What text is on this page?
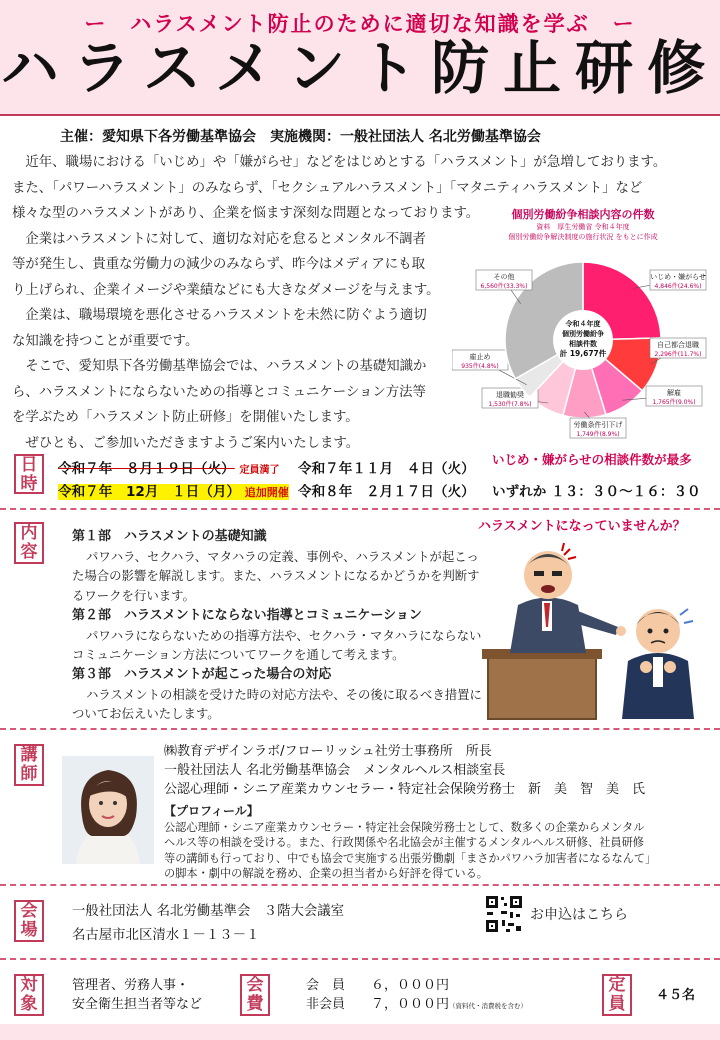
ー　ハラスメント防止のために適切な知識を学ぶ　ー
ハラスメント防止研修
主催：愛知県下各労働基準協会　実施機関：一般社団法人 名北労働基準協会

　近年、職場における「いじめ」や「嫌がらせ」などをはじめとする「ハラスメント」が急増しております。

また、「パワーハラスメント」のみならず、「セクシュアルハラスメント」「マタニティハラスメント」など

様々な型のハラスメントがあり、企業を悩ます深刻な問題となっております。

　企業はハラスメントに対して、適切な対応を怠るとメンタル不調者

等が発生し、貴重な労働力の減少のみならず、昨今はメディアにも取

り上げられ、企業イメージや業績などにも大きなダメージを与えます。

　企業は、職場環境を悪化させるハラスメントを未然に防ぐよう適切

な知識を持つことが重要です。

　そこで、愛知県下各労働基準協会では、ハラスメントの基礎知識か

ら、ハラスメントにならないための指導とコミュニケーション方法等

を学ぶため「ハラスメント防止研修」を開催いたします。

　ぜひとも、ご参加いただきますようご案内いたします。

個別労働紛争相談内容の件数
資料　厚生労働省 令和４年度
個別労働紛争解決制度の施行状況 をもとに作成
いじめ・嫌がらせ
4,846件(24.6%)
自己都合退職
2,296件(11.7%)
解雇
1,765件(9.0%)
労働条件引下げ
1,749件(8.9%)
退職勧奨
1,530件(7.8%)
雇止め
935件(4.8%)
その他
6,560件(33.3%)
令和４年度
個別労働紛争
相談件数
計 19,677件
いじめ・嫌がらせの相談件数が最多
日時
令和７年　８月１９日（火） 定員満了 令和７年１１月　４日（火）
令和７年　12月　１日（月） 追加開催 令和８年　２月１７日（火） いずれか １３：３０～１６：３０
内容
ハラスメントになっていませんか？
第１部　ハラスメントの基礎知識
パワハラ、セクハラ、マタハラの定義、事例や、ハラスメントが起こっ
た場合の影響を解説します。また、ハラスメントになるかどうかを判断す
るワークを行います。
第２部　ハラスメントにならない指導とコミュニケーション
パワハラにならないための指導方法や、セクハラ・マタハラにならない
コミュニケーション方法についてワークを通して考えます。
第３部　ハラスメントが起こった場合の対応
ハラスメントの相談を受けた時の対応方法や、その後に取るべき措置に
ついてお伝えいたします。
講師
㈱教育デザインラボ/フローリッシュ社労士事務所　所長
一般社団法人 名北労働基準協会　メンタルヘルス相談室長
公認心理師・シニア産業カウンセラー・特定社会保険労務士　新　美　智　美　氏
【プロフィール】
公認心理師・シニア産業カウンセラー・特定社会保険労務士として、数多くの企業からメンタル
ヘルス等の相談を受ける。また、行政関係や名北協会が主催するメンタルヘルス研修、社員研修
等の講師も行っており、中でも協会で実施する出張労働劇「まさかパワハラ加害者になるなんて」
の脚本・劇中の解説を務め、企業の担当者から好評を得ている。
会場
一般社団法人 名北労働基準会　３階大会議室
名古屋市北区清水１－１３－１
お申込はこちら
対象
管理者、労務人事・
安全衛生担当者等など
会費
会　員　　６，０００円
非会員　　７，０００円（資料代・消費税を含む）
定員 ４５名
